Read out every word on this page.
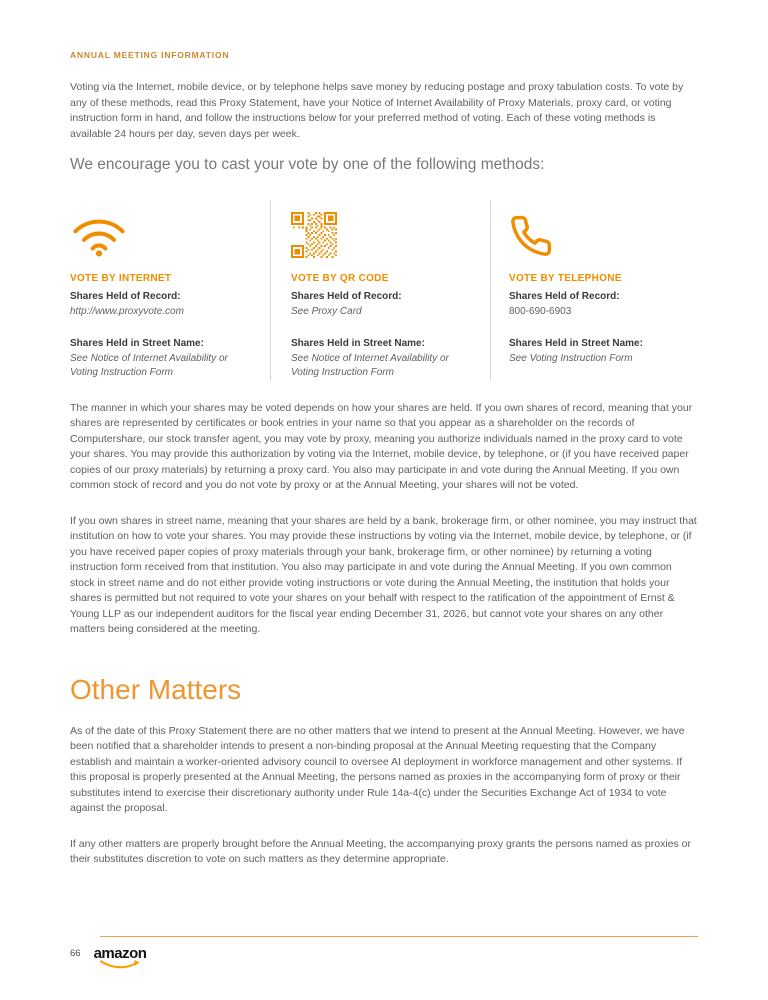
ANNUAL MEETING INFORMATION

Voting via the Internet, mobile device, or by telephone helps save money by reducing postage and proxy tabulation costs. To vote by any of these methods, read this Proxy Statement, have your Notice of Internet Availability of Proxy Materials, proxy card, or voting instruction form in hand, and follow the instructions below for your preferred method of voting. Each of these voting methods is available 24 hours per day, seven days per week.

We encourage you to cast your vote by one of the following methods:
VOTE BY INTERNET
Shares Held of Record:
http://www.proxyvote.com
Shares Held in Street Name:
See Notice of Internet Availability or Voting Instruction Form
VOTE BY QR CODE
Shares Held of Record:
See Proxy Card
Shares Held in Street Name:
See Notice of Internet Availability or Voting Instruction Form
VOTE BY TELEPHONE
Shares Held of Record:
800-690-6903
Shares Held in Street Name:
See Voting Instruction Form

The manner in which your shares may be voted depends on how your shares are held. If you own shares of record, meaning that your shares are represented by certificates or book entries in your name so that you appear as a shareholder on the records of Computershare, our stock transfer agent, you may vote by proxy, meaning you authorize individuals named in the proxy card to vote your shares. You may provide this authorization by voting via the Internet, mobile device, by telephone, or (if you have received paper copies of our proxy materials) by returning a proxy card. You also may participate in and vote during the Annual Meeting. If you own common stock of record and you do not vote by proxy or at the Annual Meeting, your shares will not be voted.

If you own shares in street name, meaning that your shares are held by a bank, brokerage firm, or other nominee, you may instruct that institution on how to vote your shares. You may provide these instructions by voting via the Internet, mobile device, by telephone, or (if you have received paper copies of proxy materials through your bank, brokerage firm, or other nominee) by returning a voting instruction form received from that institution. You also may participate in and vote during the Annual Meeting. If you own common stock in street name and do not either provide voting instructions or vote during the Annual Meeting, the institution that holds your shares is permitted but not required to vote your shares on your behalf with respect to the ratification of the appointment of Ernst & Young LLP as our independent auditors for the fiscal year ending December 31, 2026, but cannot vote your shares on any other matters being considered at the meeting.

Other Matters

As of the date of this Proxy Statement there are no other matters that we intend to present at the Annual Meeting. However, we have been notified that a shareholder intends to present a non-binding proposal at the Annual Meeting requesting that the Company establish and maintain a worker-oriented advisory council to oversee AI deployment in workforce management and other systems. If this proposal is properly presented at the Annual Meeting, the persons named as proxies in the accompanying form of proxy or their substitutes intend to exercise their discretionary authority under Rule 14a-4(c) under the Securities Exchange Act of 1934 to vote against the proposal.

If any other matters are properly brought before the Annual Meeting, the accompanying proxy grants the persons named as proxies or their substitutes discretion to vote on such matters as they determine appropriate.

66 amazon
